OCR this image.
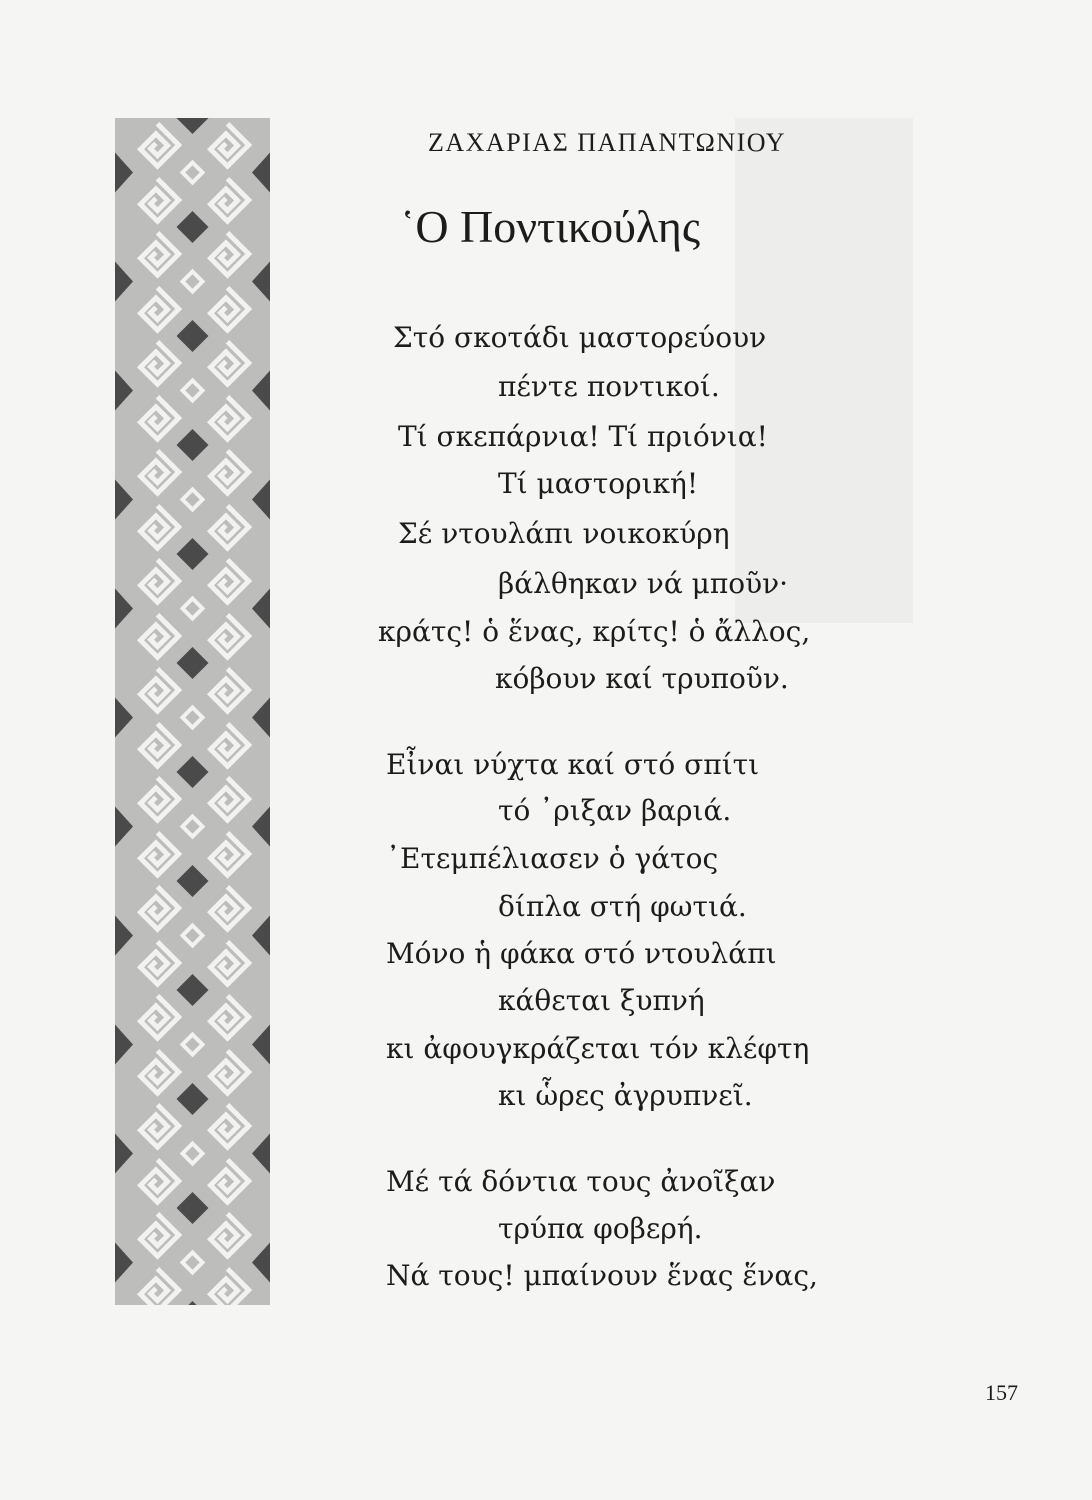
ΖΑΧΑΡΙΑΣ ΠΑΠΑΝΤΩΝΙΟΥ
῾Ο Ποντικούλης
Στό σκοτάδι μαστορεύουν
πέντε ποντικοί.
Τί σκεπάρνια! Τί πριόνια!
Τί μαστορική!
Σέ ντουλάπι νοικοκύρη
βάλθηκαν νά μποῦν·
κράτς! ὁ ἕνας, κρίτς! ὁ ἄλλος,
κόβουν καί τρυποῦν.
Εἶναι νύχτα καί στό σπίτι
τό ᾽ριξαν βαριά.
᾽Ετεμπέλιασεν ὁ γάτος
δίπλα στή φωτιά.
Μόνο ἡ φάκα στό ντουλάπι
κάθεται ξυπνή
κι ἀφουγκράζεται τόν κλέφτη
κι ὧρες ἀγρυπνεῖ.
Μέ τά δόντια τους ἀνοῖξαν
τρύπα φοβερή.
Νά τους! μπαίνουν ἕνας ἕνας,
157
